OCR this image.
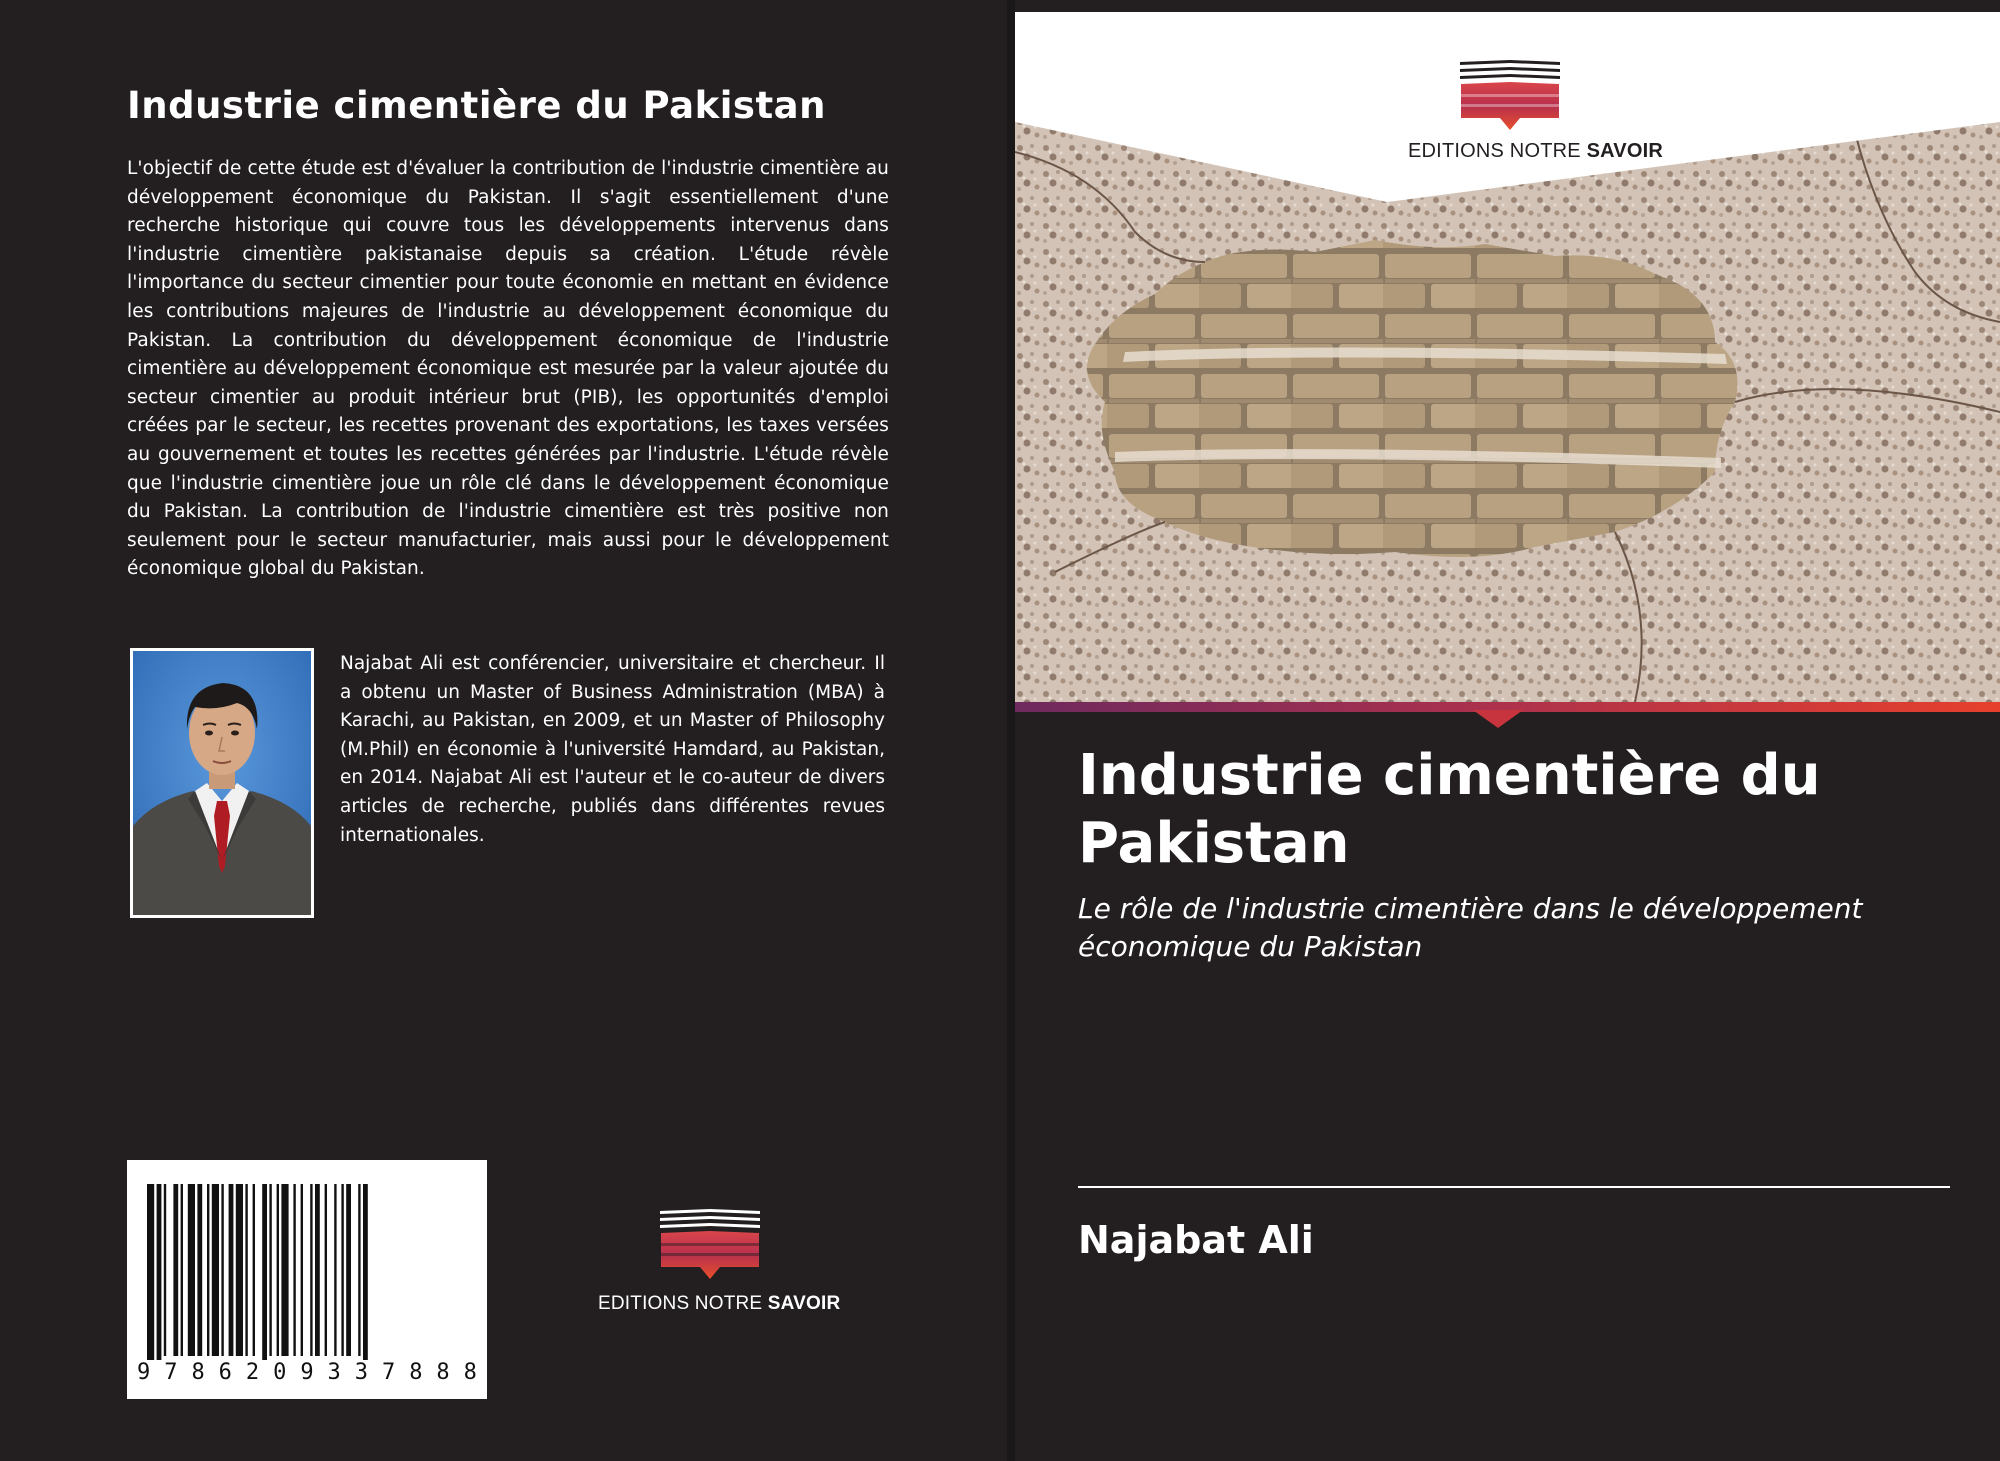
Industrie cimentière du Pakistan

L'objectif de cette étude est d'évaluer la contribution de l'industrie cimentière au développement économique du Pakistan. Il s'agit essentiellement d'une recherche historique qui couvre tous les développements intervenus dans l'industrie cimentière pakistanaise depuis sa création. L'étude révèle l'importance du secteur cimentier pour toute économie en mettant en évidence les contributions majeures de l'industrie au développement économique du Pakistan. La contribution du développement économique de l'industrie cimentière au développement économique est mesurée par la valeur ajoutée du secteur cimentier au produit intérieur brut (PIB), les opportunités d'emploi créées par le secteur, les recettes provenant des exportations, les taxes versées au gouvernement et toutes les recettes générées par l'industrie. L'étude révèle que l'industrie cimentière joue un rôle clé dans le développement économique du Pakistan. La contribution de l'industrie cimentière est très positive non seulement pour le secteur manufacturier, mais aussi pour le développement économique global du Pakistan.

Najabat Ali est conférencier, universitaire et chercheur. Il a obtenu un Master of Business Administration (MBA) à Karachi, au Pakistan, en 2009, et un Master of Philosophy (M.Phil) en économie à l'université Hamdard, au Pakistan, en 2014. Najabat Ali est l'auteur et le co-auteur de divers articles de recherche, publiés dans différentes revues internationales.

9 7 8 6 2 0 9 3 3 7 8 8 8
EDITIONS NOTRE SAVOIR
EDITIONS NOTRE SAVOIR
Industrie cimentière du Pakistan
Le rôle de l'industrie cimentière dans le développement économique du Pakistan
Najabat Ali
